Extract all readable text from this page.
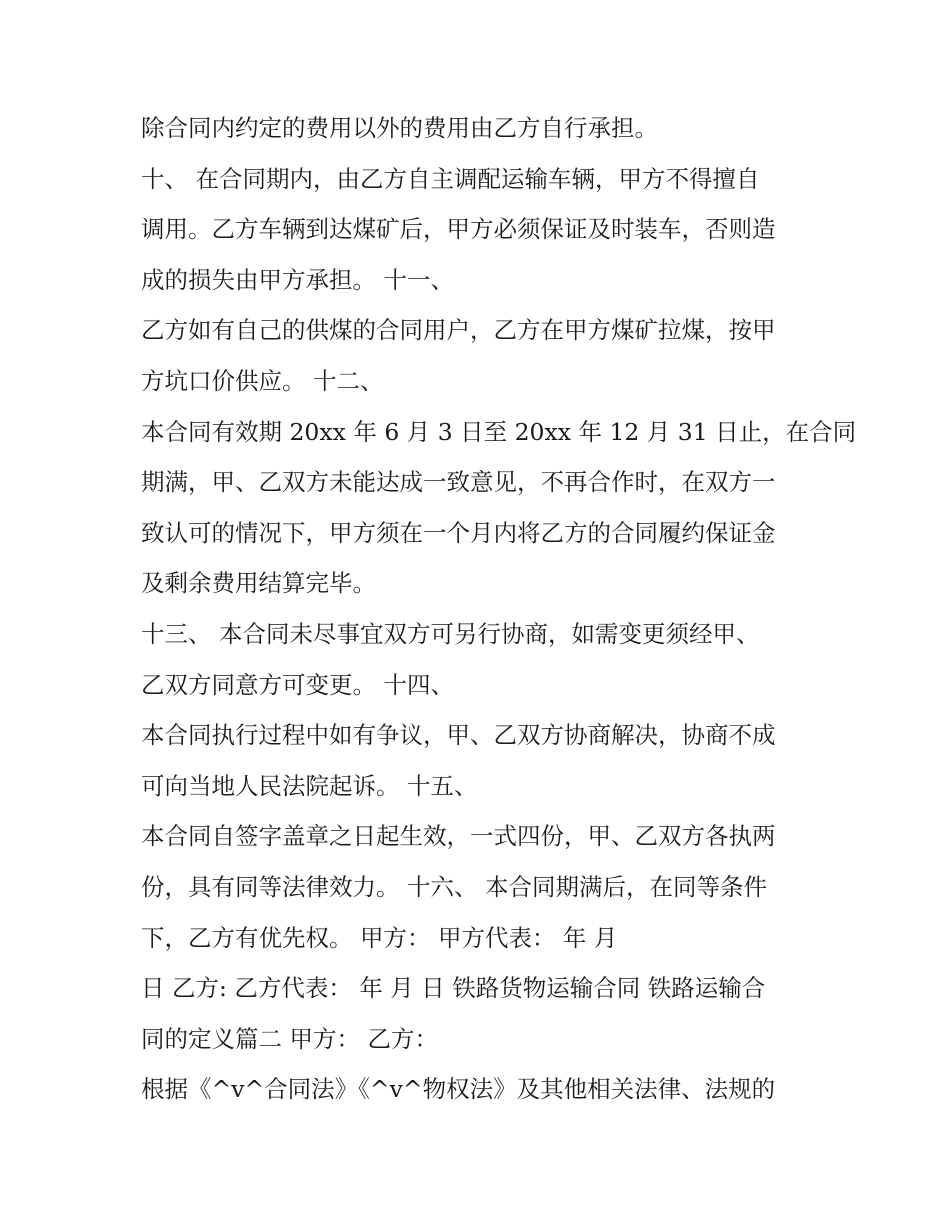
除合同内约定的费用以外的费用由乙方自行承担。
十、 在合同期内，由乙方自主调配运输车辆，甲方不得擅自
调用。乙方车辆到达煤矿后，甲方必须保证及时装车，否则造
成的损失由甲方承担。 十一、
乙方如有自己的供煤的合同用户，乙方在甲方煤矿拉煤，按甲
方坑口价供应。 十二、
本合同有效期 20xx 年 6 月 3 日至 20xx 年 12 月 31 日止，在合同
期满，甲、乙双方未能达成一致意见，不再合作时，在双方一
致认可的情况下，甲方须在一个月内将乙方的合同履约保证金
及剩余费用结算完毕。
十三、 本合同未尽事宜双方可另行协商，如需变更须经甲、
乙双方同意方可变更。 十四、
本合同执行过程中如有争议，甲、乙双方协商解决，协商不成
可向当地人民法院起诉。 十五、
本合同自签字盖章之日起生效，一式四份，甲、乙双方各执两
份，具有同等法律效力。 十六、 本合同期满后，在同等条件
下，乙方有优先权。 甲方： 甲方代表： 年 月
日 乙方: 乙方代表： 年 月 日 铁路货物运输合同 铁路运输合
同的定义篇二 甲方： 乙方：
根据《^v^合同法》《^v^物权法》及其他相关法律、法规的
